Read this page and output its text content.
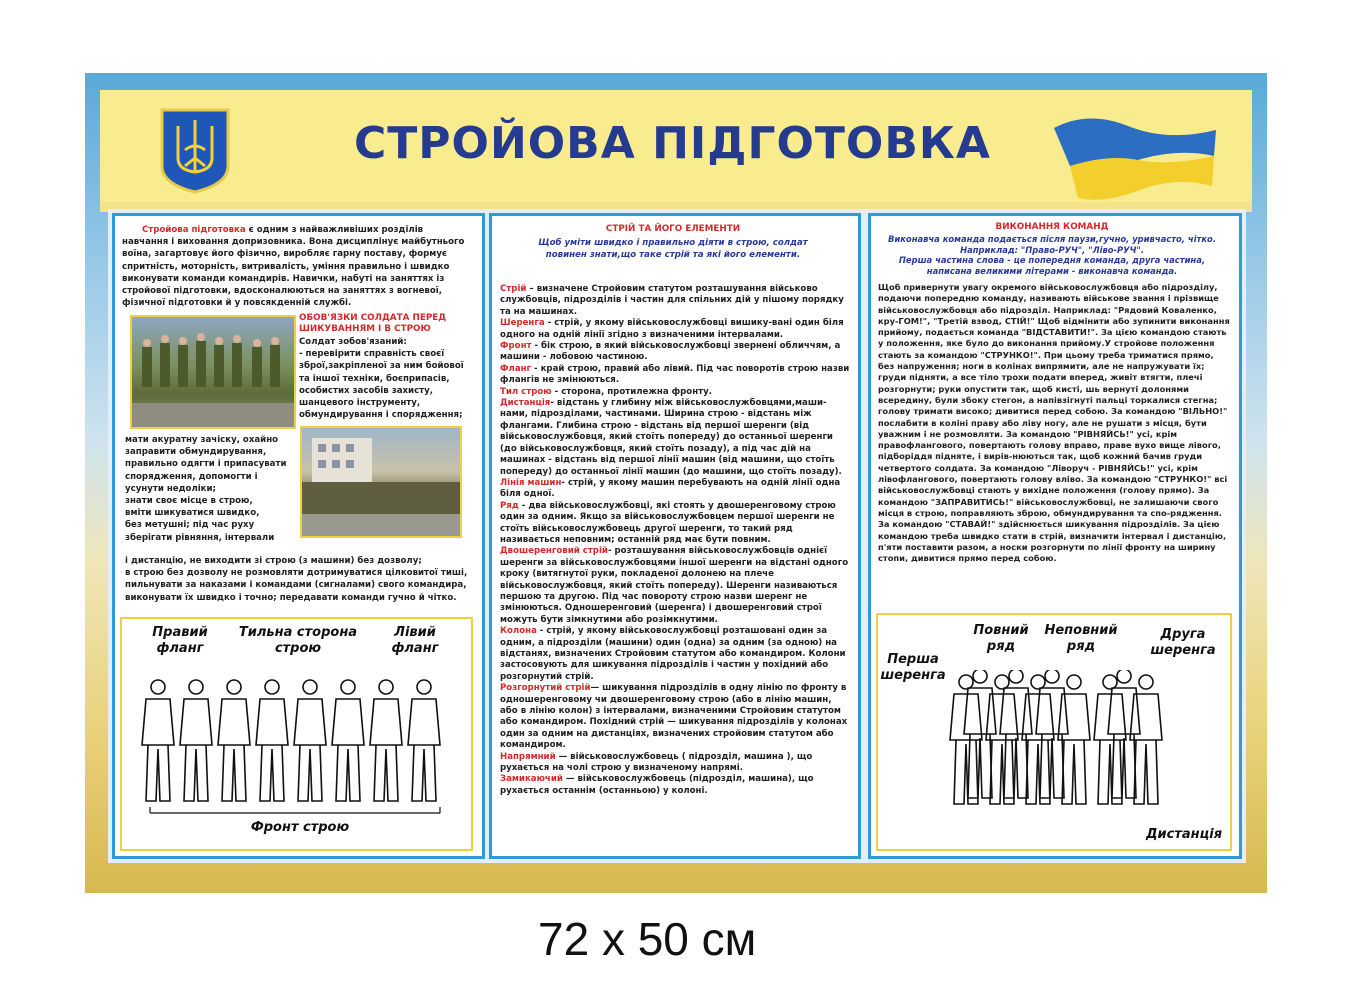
СТРОЙОВА ПІДГОТОВКА
Стройова підготовка є одним з найважливіших розділів навчання і виховання допризовника. Вона дисциплінує майбутнього воїна, загартовує його фізично, виробляє гарну поставу, формує спритність, моторність, витривалість, уміння правильно і швидко виконувати команди командирів. Навички, набуті на заняттях із стройової підготовки, вдосконалюються на заняттях з вогневої, фізичної підготовки й у повсякденній службі.
ОБОВ'ЯЗКИ СОЛДАТА ПЕРЕД ШИКУВАННЯМ І В СТРОЮ

Солдат зобов'язаний:

- перевірити справність своєї

зброї,закріпленої за ним бойової

та іншої техніки, боєприпасів,

особистих засобів захисту,

шанцевого інструменту,

обмундирування і спорядження;

мати акуратну зачіску, охайно

заправити обмундирування,

правильно одягти і припасувати

спорядження, допомогти і

усунути недоліки;

знати своє місце в строю,

вміти шикуватися швидко,

без метушні; під час руху

зберігати рівняння, інтервали

і дистанцію, не виходити зі строю (з машини) без дозволу;

в строю без дозволу не розмовляти дотримуватися цілковитої тиші,

пильнувати за наказами і командами (сигналами) свого командира,

виконувати їх швидко і точно; передавати команди гучно й чітко.

Правий фланг
Тильна сторона строю
Лівий фланг
Фронт строю
СТРІЙ ТА ЙОГО ЕЛЕМЕНТИ
Щоб уміти швидко і правильно діяти в строю, солдат повинен знати,що таке стрій та які його елементи.

Стрій – визначене Стройовим статутом розташування військово службовців, підрозділів і частин для спільних дій у пішому порядку та на машинах.

Шеренга - стрій, у якому військовослужбовці вишику-вані один біля одного на одній лінії згідно з визначеними інтервалами.

Фронт - бік строю, в який військовослужбовці звернені обличчям, а машини - лобовою частиною.

Фланг - край строю, правий або лівий. Під час поворотів строю назви флангів не змінюються.

Тил строю - сторона, протилежна фронту.

Дистанція- відстань у глибину між військовослужбовцями,маши-нами, підрозділами, частинами. Ширина строю - відстань між флангами. Глибина строю - відстань від першої шеренги (від військовослужбовця, який стоїть попереду) до останньої шеренги (до військовослужбовця, який стоїть позаду), а під час дій на машинах - відстань від першої лінії машин (від машини, що стоїть попереду) до останньої лінії машин (до машини, що стоїть позаду).

Лінія машин- стрій, у якому машин перебувають на одній лінії одна біля одної.

Ряд - два військовослужбовці, які стоять у двошеренговому строю один за одним. Якщо за військовослужбовцем першої шеренги не стоїть військовослужбовець другої шеренги, то такий ряд називається неповним; останній ряд має бути повним.

Двошеренговий стрій- розташування військовослужбовців однієї шеренги за військовослужбовцями іншої шеренги на відстані одного кроку (витягнутої руки, покладеної долонею на плече військовослужбовця, який стоїть попереду). Шеренги називаються першою та другою. Під час повороту строю назви шеренг не змінюються. Одношеренговий (шеренга) і двошеренговий строї можуть бути зімкнутими або розімкнутими.

Колона - стрій, у якому військовослужбовці розташовані один за одним, а підрозділи (машини) один (одна) за одним (за одною) на відстанях, визначених Стройовим статутом або командиром. Колони застосовують для шикування підрозділів і частин у похідний або розгорнутий стрій.

Розгорнутий стрій— шикування підрозділів в одну лінію по фронту в одношеренговому чи двошеренговому строю (або в лінію машин, або в лінію колон) з інтервалами, визначеними Стройовим статутом або командиром. Похідний стрій — шикування підрозділів у колонах один за одним на дистанціях, визначених стройовим статутом або командиром.

Напрямний — військовослужбовець ( підрозділ, машина ), що рухається на чолі строю у визначеному напрямі.

Замикаючий — військовослужбовець (підрозділ, машина), що рухається останнім (останньою) у колоні.

ВИКОНАННЯ КОМАНД

Виконавча команда подається після паузи,гучно, уривчасто, чітко.

Наприклад: "Право-РУЧ", "Ліво-РУЧ".

Перша частина слова - це попередня команда, друга частина,

написана великими літерами - виконавча команда.

Щоб привернути увагу окремого військовослужбовця або підрозділу, подаючи попередню команду, називають військове звання і прізвище військовослужбовця або підрозділ. Наприклад: "Рядовий Коваленко, кру-ГОМ!", "Третій взвод, СТІЙ!" Щоб відмінити або зупинити виконання прийому, подається команда "ВІДСТАВИТИ!". За цією командою стають у положення, яке було до виконання прийому.У стройове положення стають за командою "СТРУНКО!". При цьому треба триматися прямо, без напруження; ноги в колінах випрямити, але не напружувати їх; груди підняти, а все тіло трохи подати вперед, живіт втягти, плечі розгорнути; руки опустити так, щоб кисті, шь вернуті долонями всередину, були збоку стегон, а напівзігнуті пальці торкалися стегна; голову тримати високо; дивитися перед собою. За командою "ВІЛЬНО!" послабити в коліні праву або ліву ногу, але не рушати з місця, бути уважним і не розмовляти. За командою "РІВНЯЙСЬ!" усі, крім правофлангового, повертають голову вправо, праве вухо вище лівого, підборіддя підняте, і вирів-нюються так, щоб кожний бачив груди четвертого солдата. За командою "Ліворуч - РІВНЯЙСЬ!" усі, крім лівофлангового, повертають голову вліво. За командою "СТРУНКО!" всі військовослужбовці стають у вихідне положення (голову прямо). За командою "ЗАПРАВИТИСЬ!" військовослужбовці, не залишаючи свого місця в строю, поправляють зброю, обмундирування та спо-рядження. За командою "СТАВАЙ!" здійснюється шикування підрозділів. За цією командою треба швидко стати в стрій, визначити інтервал і дистанцію, п'яти поставити разом, а носки розгорнути по лінії фронту на ширину стопи, дивитися прямо перед собою.
Повний ряд
Неповний ряд
Друга шеренга
Перша шеренга
Дистанція
72 х 50 см
